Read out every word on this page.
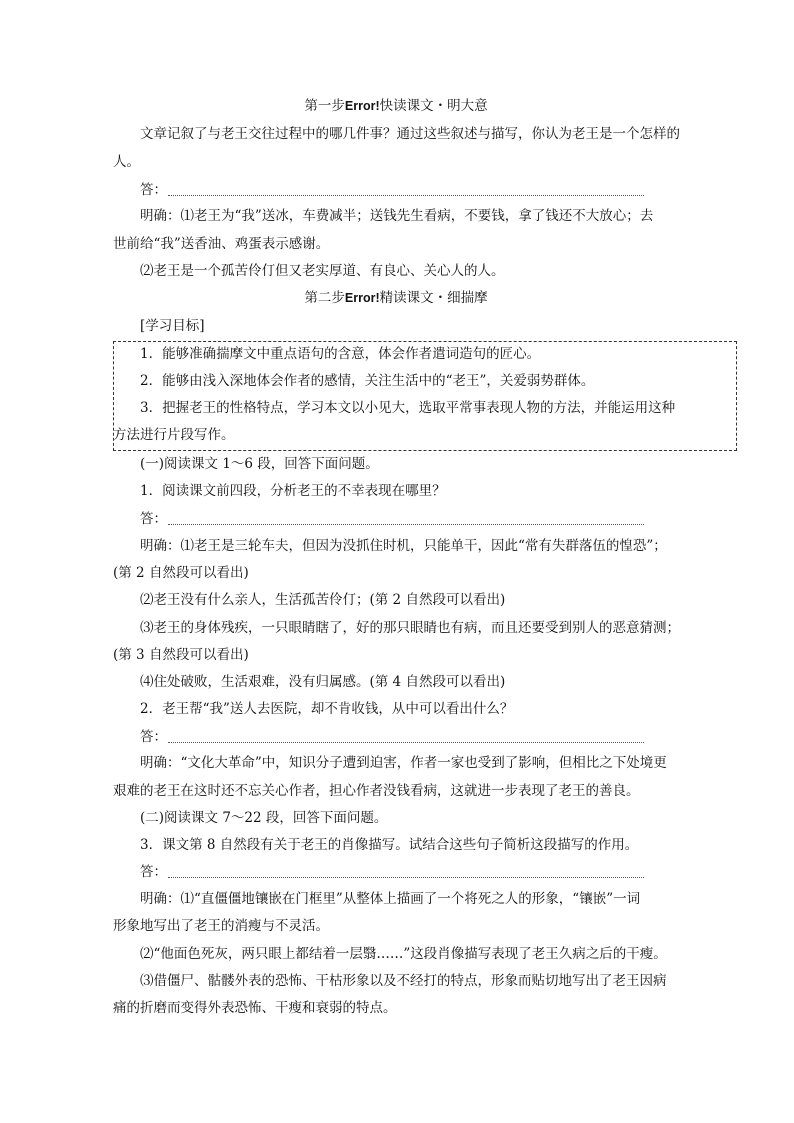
第一步Error!快读课文・明大意
文章记叙了与老王交往过程中的哪几件事？通过这些叙述与描写，你认为老王是一个怎样的
人。
答：
明确：⑴老王为“我”送冰，车费减半；送钱先生看病，不要钱，拿了钱还不大放心；去
世前给“我”送香油、鸡蛋表示感谢。
⑵老王是一个孤苦伶仃但又老实厚道、有良心、关心人的人。
第二步Error!精读课文・细揣摩
[学习目标]
1．能够准确揣摩文中重点语句的含意，体会作者遣词造句的匠心。
2．能够由浅入深地体会作者的感情，关注生活中的“老王”，关爱弱势群体。
3．把握老王的性格特点，学习本文以小见大，选取平常事表现人物的方法，并能运用这种
方法进行片段写作。
(一)阅读课文 1～6 段，回答下面问题。
1．阅读课文前四段，分析老王的不幸表现在哪里？
答：
明确：⑴老王是三轮车夫，但因为没抓住时机，只能单干，因此“常有失群落伍的惶恐”；
(第 2 自然段可以看出)
⑵老王没有什么亲人，生活孤苦伶仃；(第 2 自然段可以看出)
⑶老王的身体残疾，一只眼睛瞎了，好的那只眼睛也有病，而且还要受到别人的恶意猜测；
(第 3 自然段可以看出)
⑷住处破败，生活艰难，没有归属感。(第 4 自然段可以看出)
2．老王帮“我”送人去医院，却不肯收钱，从中可以看出什么？
答：
明确：“文化大革命”中，知识分子遭到迫害，作者一家也受到了影响，但相比之下处境更
艰难的老王在这时还不忘关心作者，担心作者没钱看病，这就进一步表现了老王的善良。
(二)阅读课文 7～22 段，回答下面问题。
3．课文第 8 自然段有关于老王的肖像描写。试结合这些句子简析这段描写的作用。
答：
明确：⑴“直僵僵地镶嵌在门框里”从整体上描画了一个将死之人的形象，“镶嵌”一词
形象地写出了老王的消瘦与不灵活。
⑵“他面色死灰，两只眼上都结着一层翳……”这段肖像描写表现了老王久病之后的干瘦。
⑶借僵尸、骷髅外表的恐怖、干枯形象以及不经打的特点，形象而贴切地写出了老王因病
痛的折磨而变得外表恐怖、干瘦和衰弱的特点。
